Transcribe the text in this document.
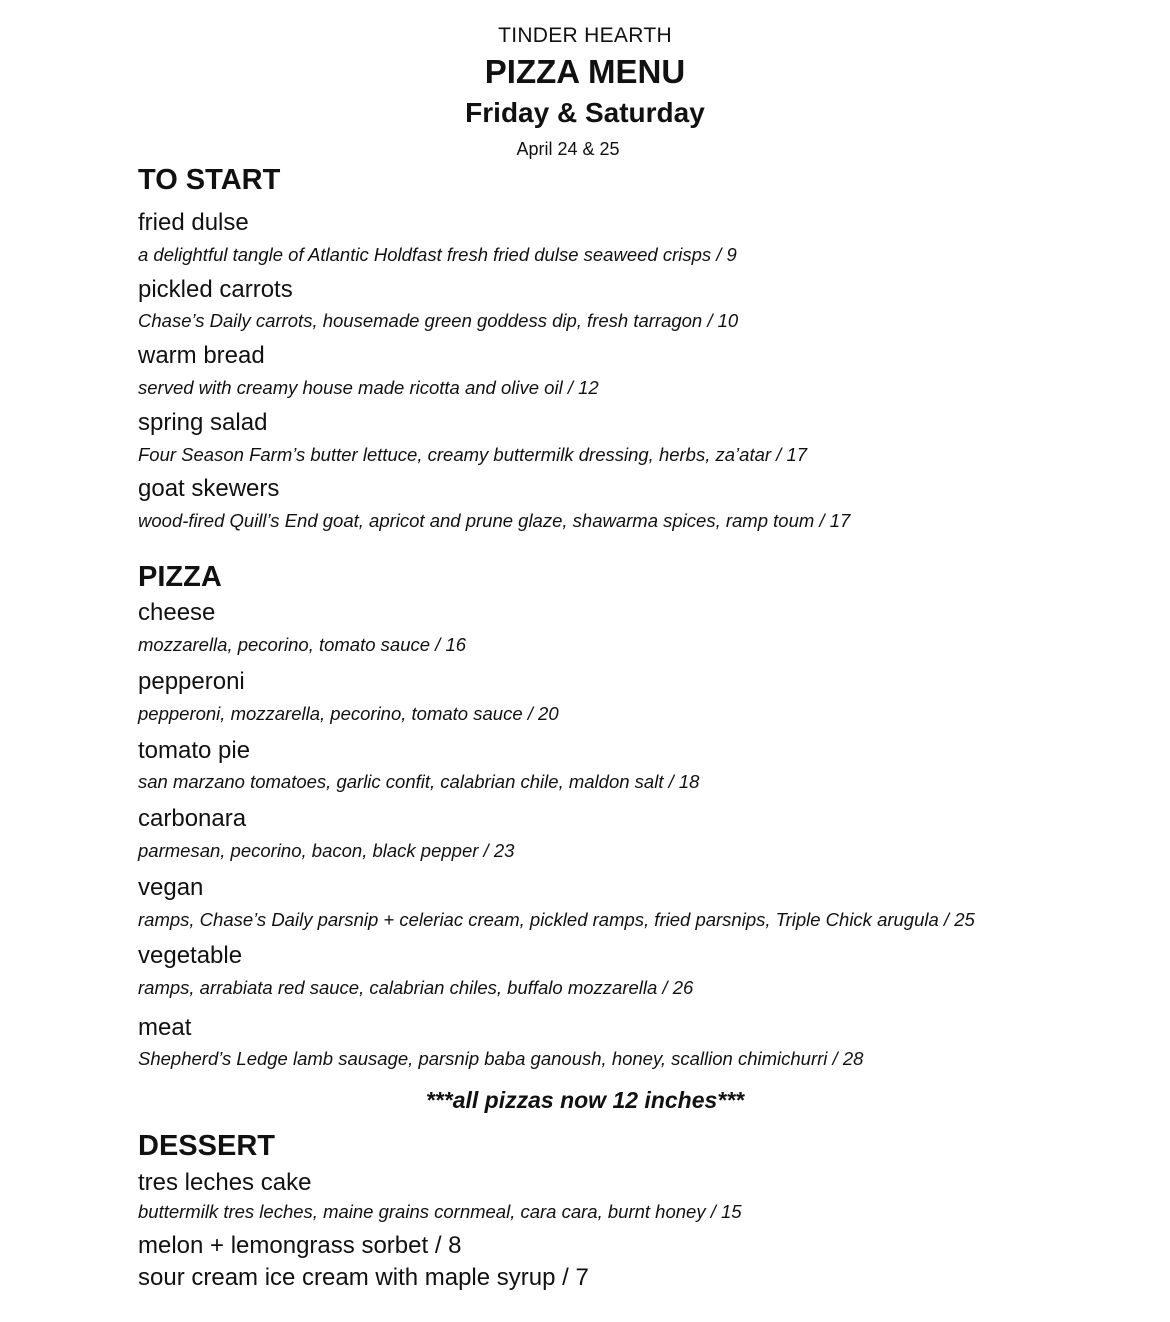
TINDER HEARTH
PIZZA MENU
Friday & Saturday
April 24 & 25
TO START
fried dulse
a delightful tangle of Atlantic Holdfast fresh fried dulse seaweed crisps / 9
pickled carrots
Chase’s Daily carrots, housemade green goddess dip, fresh tarragon / 10
warm bread
served with creamy house made ricotta and olive oil / 12
spring salad
Four Season Farm’s butter lettuce, creamy buttermilk dressing, herbs, za’atar / 17
goat skewers
wood-fired Quill’s End goat, apricot and prune glaze, shawarma spices, ramp toum / 17
PIZZA
cheese
mozzarella, pecorino, tomato sauce / 16
pepperoni
pepperoni, mozzarella, pecorino, tomato sauce / 20
tomato pie
san marzano tomatoes, garlic confit, calabrian chile, maldon salt / 18
carbonara
parmesan, pecorino, bacon, black pepper / 23
vegan
ramps, Chase’s Daily parsnip + celeriac cream, pickled ramps, fried parsnips, Triple Chick arugula / 25
vegetable
ramps, arrabiata red sauce, calabrian chiles, buffalo mozzarella / 26
meat
Shepherd’s Ledge lamb sausage, parsnip baba ganoush, honey, scallion chimichurri / 28
***all pizzas now 12 inches***
DESSERT
tres leches cake
buttermilk tres leches, maine grains cornmeal, cara cara, burnt honey / 15
melon + lemongrass sorbet / 8
sour cream ice cream with maple syrup / 7
